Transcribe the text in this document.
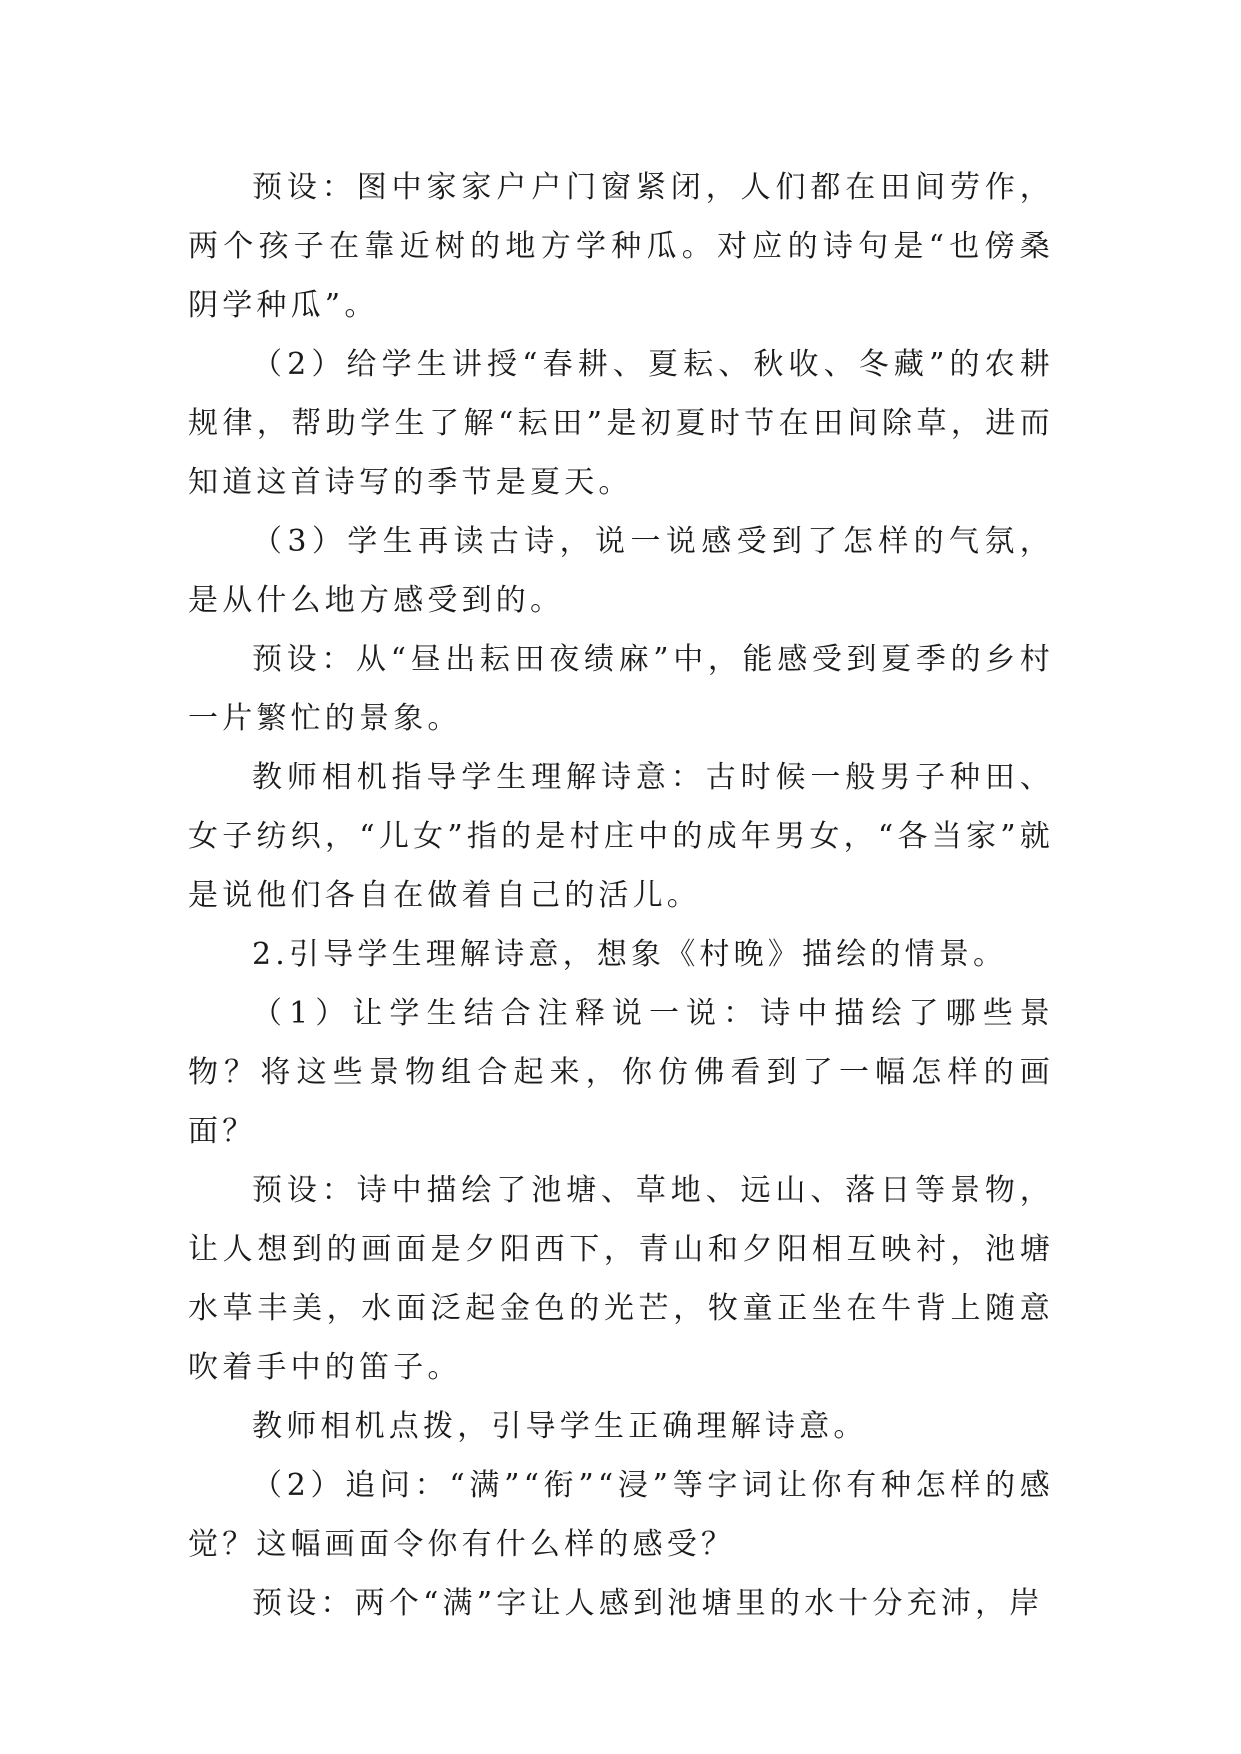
预设：图中家家户户门窗紧闭，人们都在田间劳作，两个孩子在靠近树的地方学种瓜。对应的诗句是“也傍桑阴学种瓜”。

（2）给学生讲授“春耕、夏耘、秋收、冬藏”的农耕规律，帮助学生了解“耘田”是初夏时节在田间除草，进而知道这首诗写的季节是夏天。

（3）学生再读古诗，说一说感受到了怎样的气氛，是从什么地方感受到的。

预设：从“昼出耘田夜绩麻”中，能感受到夏季的乡村一片繁忙的景象。

教师相机指导学生理解诗意：古时候一般男子种田、女子纺织，“儿女”指的是村庄中的成年男女，“各当家”就是说他们各自在做着自己的活儿。

2.引导学生理解诗意，想象《村晚》描绘的情景。

（1）让学生结合注释说一说：诗中描绘了哪些景物？将这些景物组合起来，你仿佛看到了一幅怎样的画面？

预设：诗中描绘了池塘、草地、远山、落日等景物，让人想到的画面是夕阳西下，青山和夕阳相互映衬，池塘水草丰美，水面泛起金色的光芒，牧童正坐在牛背上随意吹着手中的笛子。

教师相机点拨，引导学生正确理解诗意。

（2）追问：“满”“衔”“浸”等字词让你有种怎样的感觉？这幅画面令你有什么样的感受？

预设：两个“满”字让人感到池塘里的水十分充沛，岸
